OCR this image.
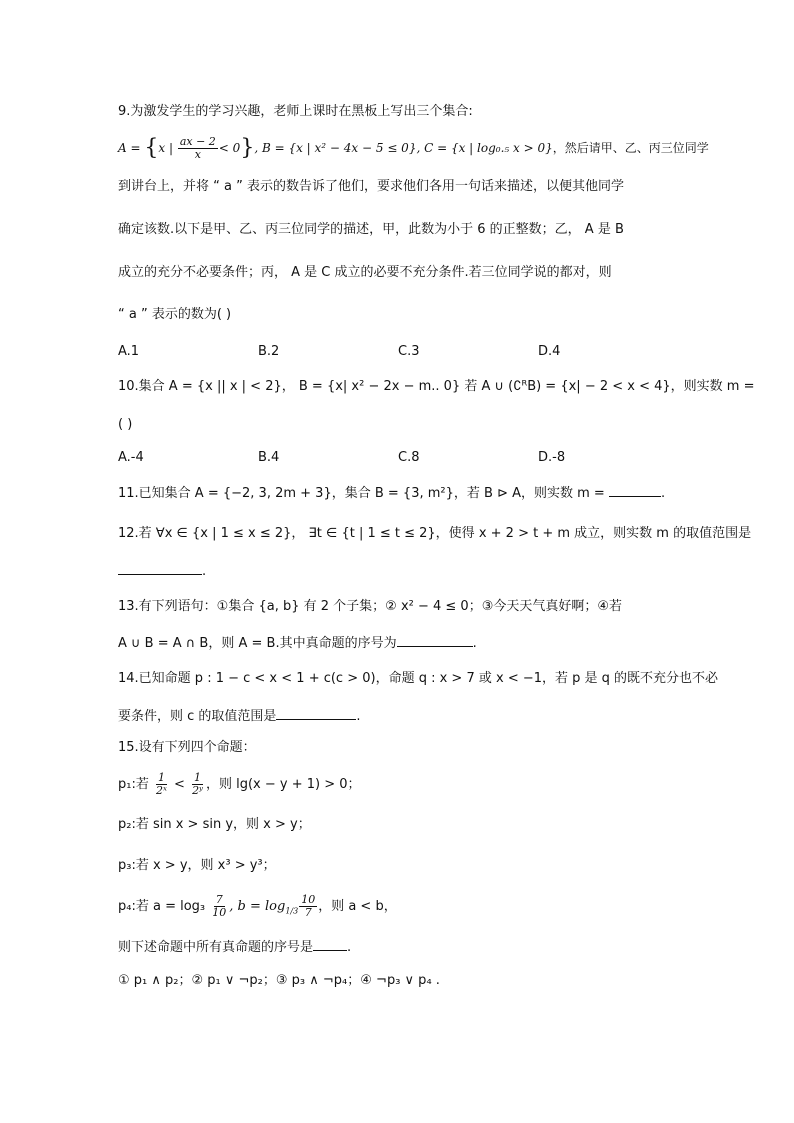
9.为激发学生的学习兴趣，老师上课时在黑板上写出三个集合:
A = {x | $\frac{ax - 2}{x} < 0$}, B = {x | x² − 4x − 5 ≤ 0}, C = {x | log₀.₅ x > 0}，然后请甲、乙、丙三位同学
到讲台上，并将 “ a ” 表示的数告诉了他们，要求他们各用一句话来描述，以便其他同学
确定该数.以下是甲、乙、丙三位同学的描述，甲，此数为小于 6 的正整数；乙， A 是 B
成立的充分不必要条件；丙， A 是 C 成立的必要不充分条件.若三位同学说的都对，则
“ a ” 表示的数为( )
A.1	B.2	C.3	D.4
10.集合 A = {x || x | < 2}， B = {x| x² − 2x − m.. 0} 若 A ∪ (∁ᴿB) = {x| − 2 < x < 4}，则实数 m =
( )
A.-4	B.4	C.8	D.-8
11.已知集合 A = {−2, 3, 2m + 3}，集合 B = {3, m²}，若 B ⊳ A，则实数 m =	.
12.若 ∀x ∈ {x | 1 ≤ x ≤ 2}， ∃t ∈ {t | 1 ≤ t ≤ 2}，使得 x + 2 > t + m 成立，则实数 m 的取值范围是
.
13.有下列语句：①集合 {a, b} 有 2 个子集；② x² − 4 ≤ 0；③今天天气真好啊；④若
A ∪ B = A ∩ B，则 A = B.其中真命题的序号为	.
14.已知命题 p : 1 − c < x < 1 + c(c > 0)，命题 q : x > 7 或 x < −1，若 p 是 q 的既不充分也不必
要条件，则 c 的取值范围是	.
15.设有下列四个命题：
p₁:若 $\frac{1}{\text{2ˣ}} < \frac{1}{\text{2ʸ}}$ ，则 lg(x − y + 1) > 0；
p₂:若 sin x > sin y，则 x > y；
p₃:若 x > y，则 x³ > y³；
p₄:若 $a = \log_3 \frac{7}{10}$ , $b = \log_{1/3} \frac{10}{7}$ ，则 a < b，
则下述命题中所有真命题的序号是	.
① p₁ ∧ p₂；② p₁ ∨ ¬p₂；③ p₃ ∧ ¬p₄；④ ¬p₃ ∨ p₄ .
